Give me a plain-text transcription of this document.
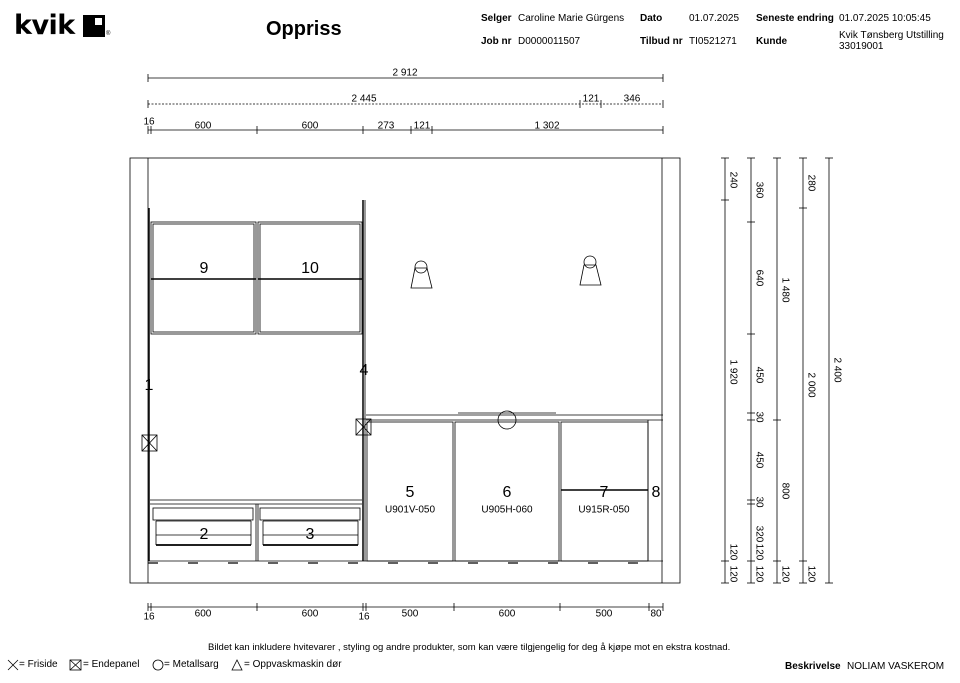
kvik	®	Oppriss	Selger Caroline Marie Gürgens Dato	01.07.2025 Seneste endring 01.07.2025 10:05:45
Job nr D0000011507	Tilbud nr TI0521271 Kunde
Kvik Tønsberg Utstilling
33019001
2 912
2 445	121 346
16	600	600	273 121	1 302
16	600	600	16	500	600	500	80
1
2	3
4
5	6	7	8
9	10
U901V-050	U905H-060	U915R-050
240
1 920
120
120
360
640
450
30
450
30
320
120
120
1 480
800
120
280
2 000
120
2 400
Bildet kan inkludere hvitevarer , styling og andre produkter, som kan være tilgjengelig for deg å kjøpe mot en ekstra kostnad.
= Friside	= Endepanel = Metallsarg	= Oppvaskmaskin dør	Beskrivelse NOLIAM VASKEROM
